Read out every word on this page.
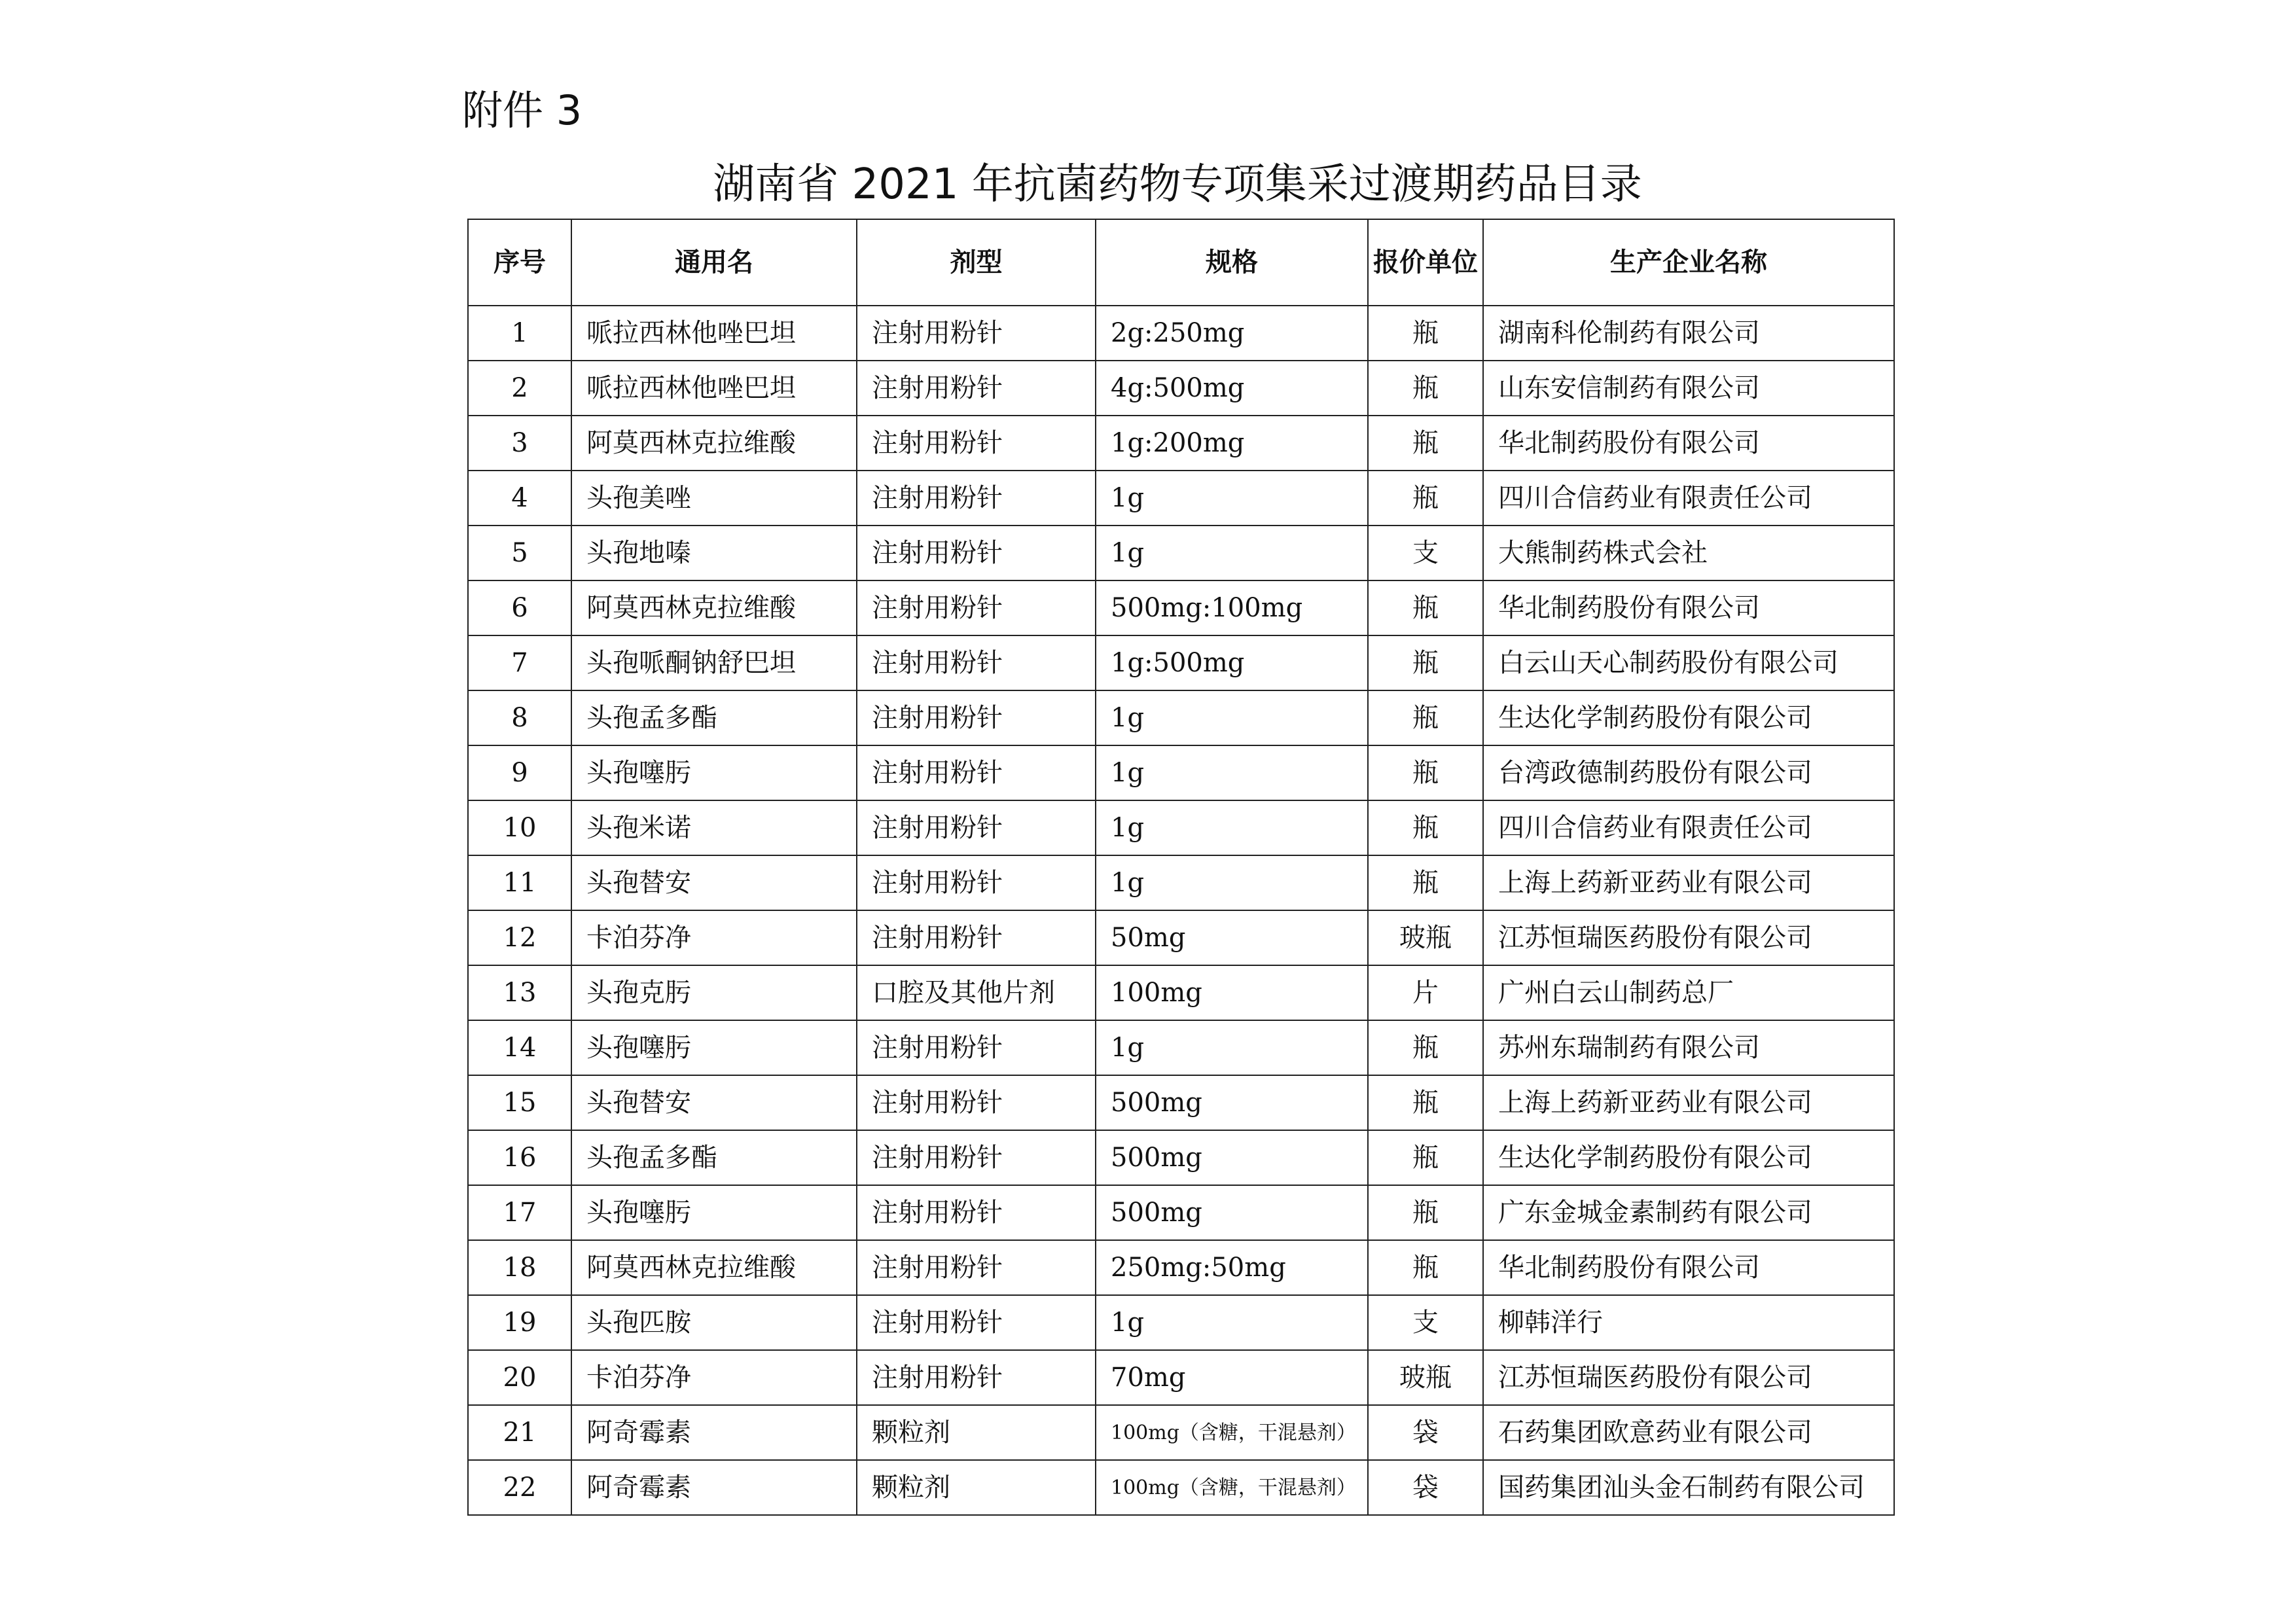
附件 3
湖南省 2021 年抗菌药物专项集采过渡期药品目录
序号	通用名	剂型	规格	报价单位	生产企业名称
1	哌拉西林他唑巴坦	注射用粉针	2g:250mg	瓶	湖南科伦制药有限公司
2	哌拉西林他唑巴坦	注射用粉针	4g:500mg	瓶	山东安信制药有限公司
3	阿莫西林克拉维酸	注射用粉针	1g:200mg	瓶	华北制药股份有限公司
4	头孢美唑	注射用粉针	1g	瓶	四川合信药业有限责任公司
5	头孢地嗪	注射用粉针	1g	支	大熊制药株式会社
6	阿莫西林克拉维酸	注射用粉针	500mg:100mg	瓶	华北制药股份有限公司
7	头孢哌酮钠舒巴坦	注射用粉针	1g:500mg	瓶	白云山天心制药股份有限公司
8	头孢孟多酯	注射用粉针	1g	瓶	生达化学制药股份有限公司
9	头孢噻肟	注射用粉针	1g	瓶	台湾政德制药股份有限公司
10	头孢米诺	注射用粉针	1g	瓶	四川合信药业有限责任公司
11	头孢替安	注射用粉针	1g	瓶	上海上药新亚药业有限公司
12	卡泊芬净	注射用粉针	50mg	玻瓶	江苏恒瑞医药股份有限公司
13	头孢克肟	口腔及其他片剂	100mg	片	广州白云山制药总厂
14	头孢噻肟	注射用粉针	1g	瓶	苏州东瑞制药有限公司
15	头孢替安	注射用粉针	500mg	瓶	上海上药新亚药业有限公司
16	头孢孟多酯	注射用粉针	500mg	瓶	生达化学制药股份有限公司
17	头孢噻肟	注射用粉针	500mg	瓶	广东金城金素制药有限公司
18	阿莫西林克拉维酸	注射用粉针	250mg:50mg	瓶	华北制药股份有限公司
19	头孢匹胺	注射用粉针	1g	支	柳韩洋行
20	卡泊芬净	注射用粉针	70mg	玻瓶	江苏恒瑞医药股份有限公司
21	阿奇霉素	颗粒剂	100mg（含糖，干混悬剂）	袋	石药集团欧意药业有限公司
22	阿奇霉素	颗粒剂	100mg（含糖，干混悬剂）	袋	国药集团汕头金石制药有限公司
